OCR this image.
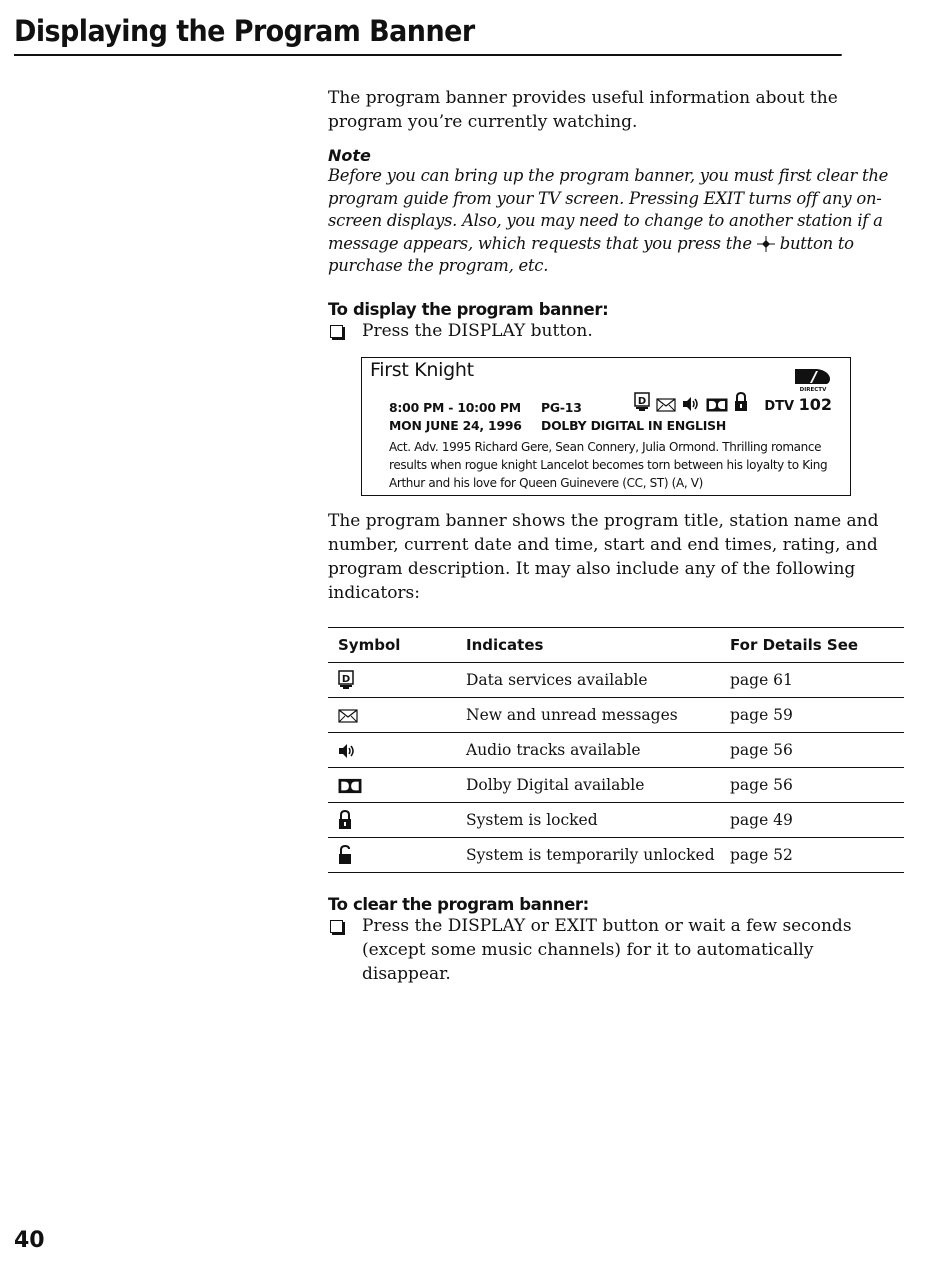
Displaying the Program Banner

The program banner provides useful information about the program you’re currently watching.

Note

Before you can bring up the program banner, you must first clear the program guide from your TV screen. Pressing EXIT turns off any on-screen displays. Also, you may need to change to another station if a message appears, which requests that you press the  button to purchase the program, etc.

To display the program banner:
Press the DISPLAY button.
First Knight
DIRECTV
8:00 PM - 10:00 PM PG-13
MON JUNE 24, 1996 DOLBY DIGITAL IN ENGLISH
D	DTV 102
Act. Adv. 1995 Richard Gere, Sean Connery, Julia Ormond. Thrilling romance results when rogue knight Lancelot becomes torn between his loyalty to King Arthur and his love for Queen Guinevere (CC, ST) (A, V)

The program banner shows the program title, station name and number, current date and time, start and end times, rating, and program description. It may also include any of the following indicators:

Symbol	Indicates	For Details See

D	Data services available	page 61
	New and unread messages	page 59
	Audio tracks available	page 56
	Dolby Digital available	page 56
	System is locked	page 49
	System is temporarily unlocked	page 52
To clear the program banner:
Press the DISPLAY or EXIT button or wait a few seconds (except some music channels) for it to automatically disappear.
40
